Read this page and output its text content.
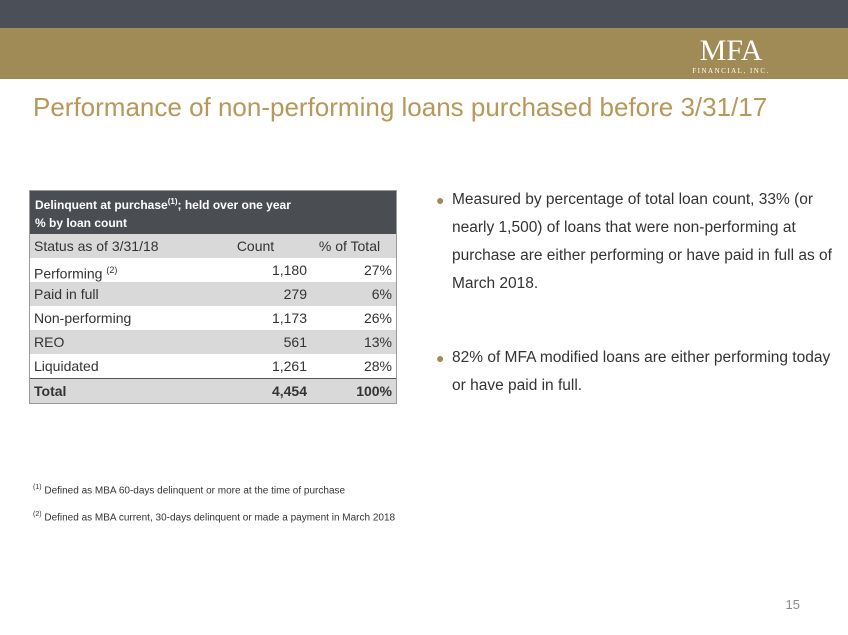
MFA
FINANCIAL, INC.
Performance of non-performing loans purchased before 3/31/17
Delinquent at purchase$^{(1)}$; held over one year
% by loan count
Status as of 3/31/18	Count	% of Total
Performing $^{(2)}$	1,180	27%
Paid in full	279	6%
Non-performing	1,173	26%
REO	561	13%
Liquidated	1,261	28%
Total	4,454	100%
● Measured by percentage of total loan count, 33% (or nearly 1,500) of loans that were non-performing at purchase are either performing or have paid in full as of March 2018.
● 82% of MFA modified loans are either performing today or have paid in full.
$^{(1)}$ Defined as MBA 60-days delinquent or more at the time of purchase
$^{(2)}$ Defined as MBA current, 30-days delinquent or made a payment in March 2018
15
